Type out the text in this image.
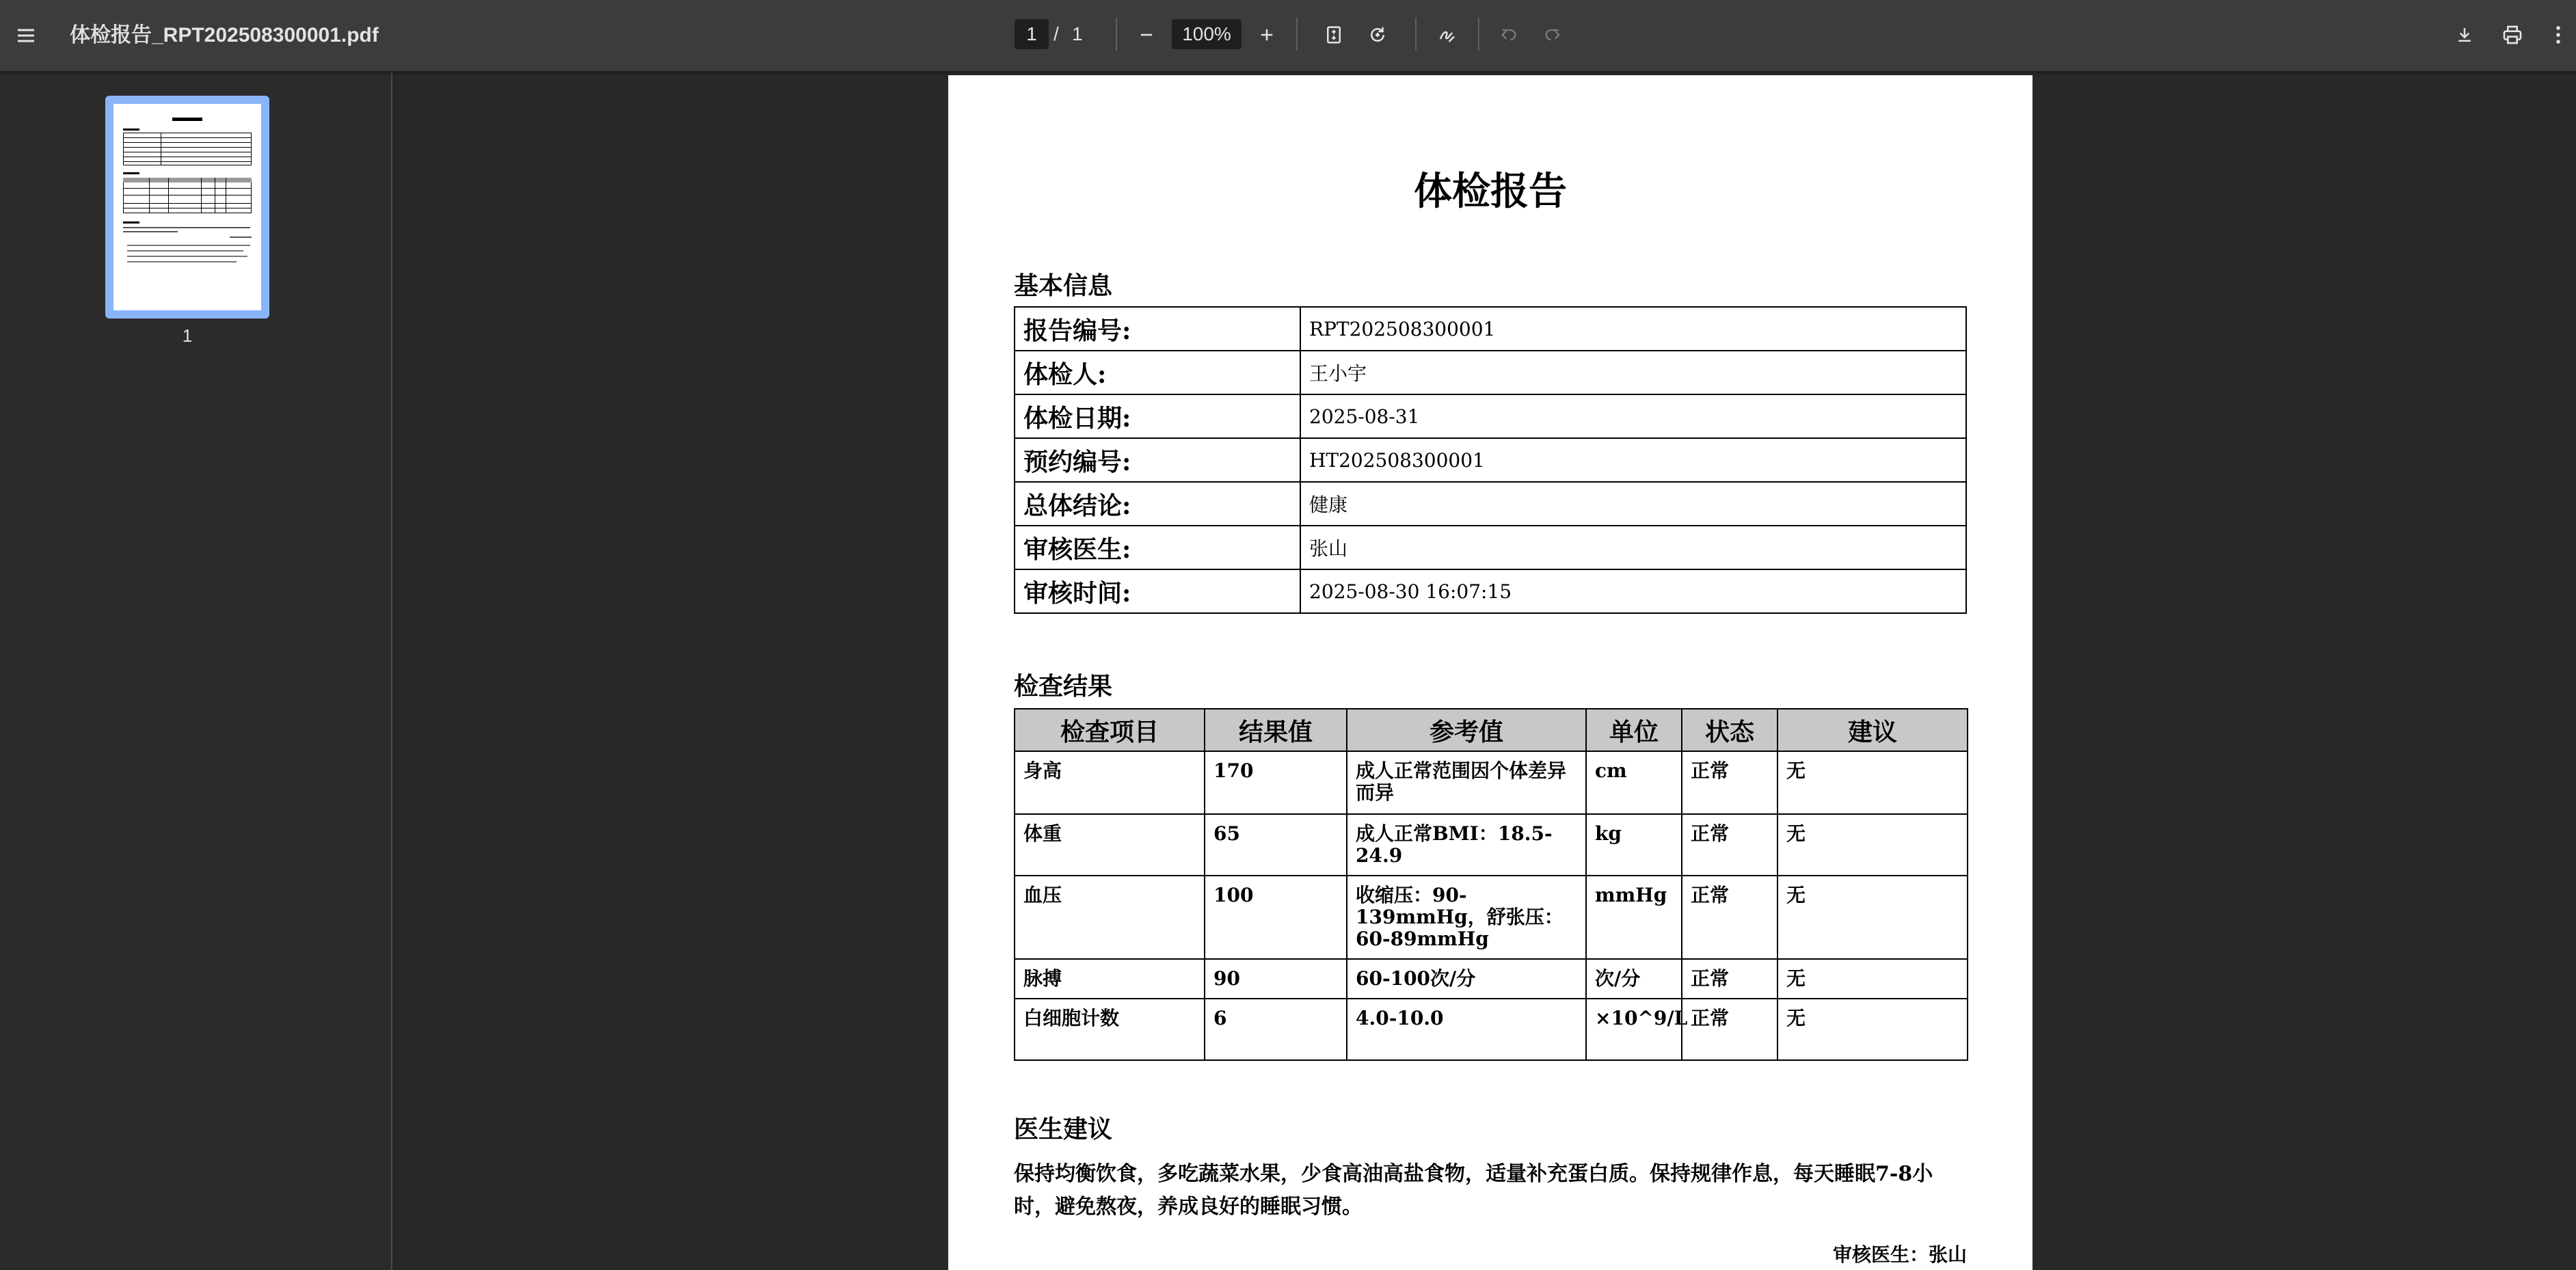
体检报告_RPT202508300001.pdf	1 / 1	100%
1
体检报告
基本信息
报告编号:	RPT202508300001
体检人:	王小宇
体检日期:	2025-08-31
预约编号:	HT202508300001
总体结论:	健康
审核医生:	张山
审核时间:	2025-08-30 16:07:15
检查结果
检查项目	结果值	参考值	单位	状态	建议
身高	170	成人正常范围因个体差异而异	cm	正常	无
体重	65	成人正常BMI：18.5-24.9	kg	正常	无
血压	100	收缩压：90-139mmHg，舒张压：60-89mmHg	mmHg	正常	无
脉搏	90	60-100次/分	次/分	正常	无
白细胞计数	6	4.0-10.0	×10^9/L	正常	无
医生建议
保持均衡饮食，多吃蔬菜水果，少食高油高盐食物，适量补充蛋白质。保持规律作息，每天睡眠7-8小时，避免熬夜，养成良好的睡眠习惯。
审核医生：张山
